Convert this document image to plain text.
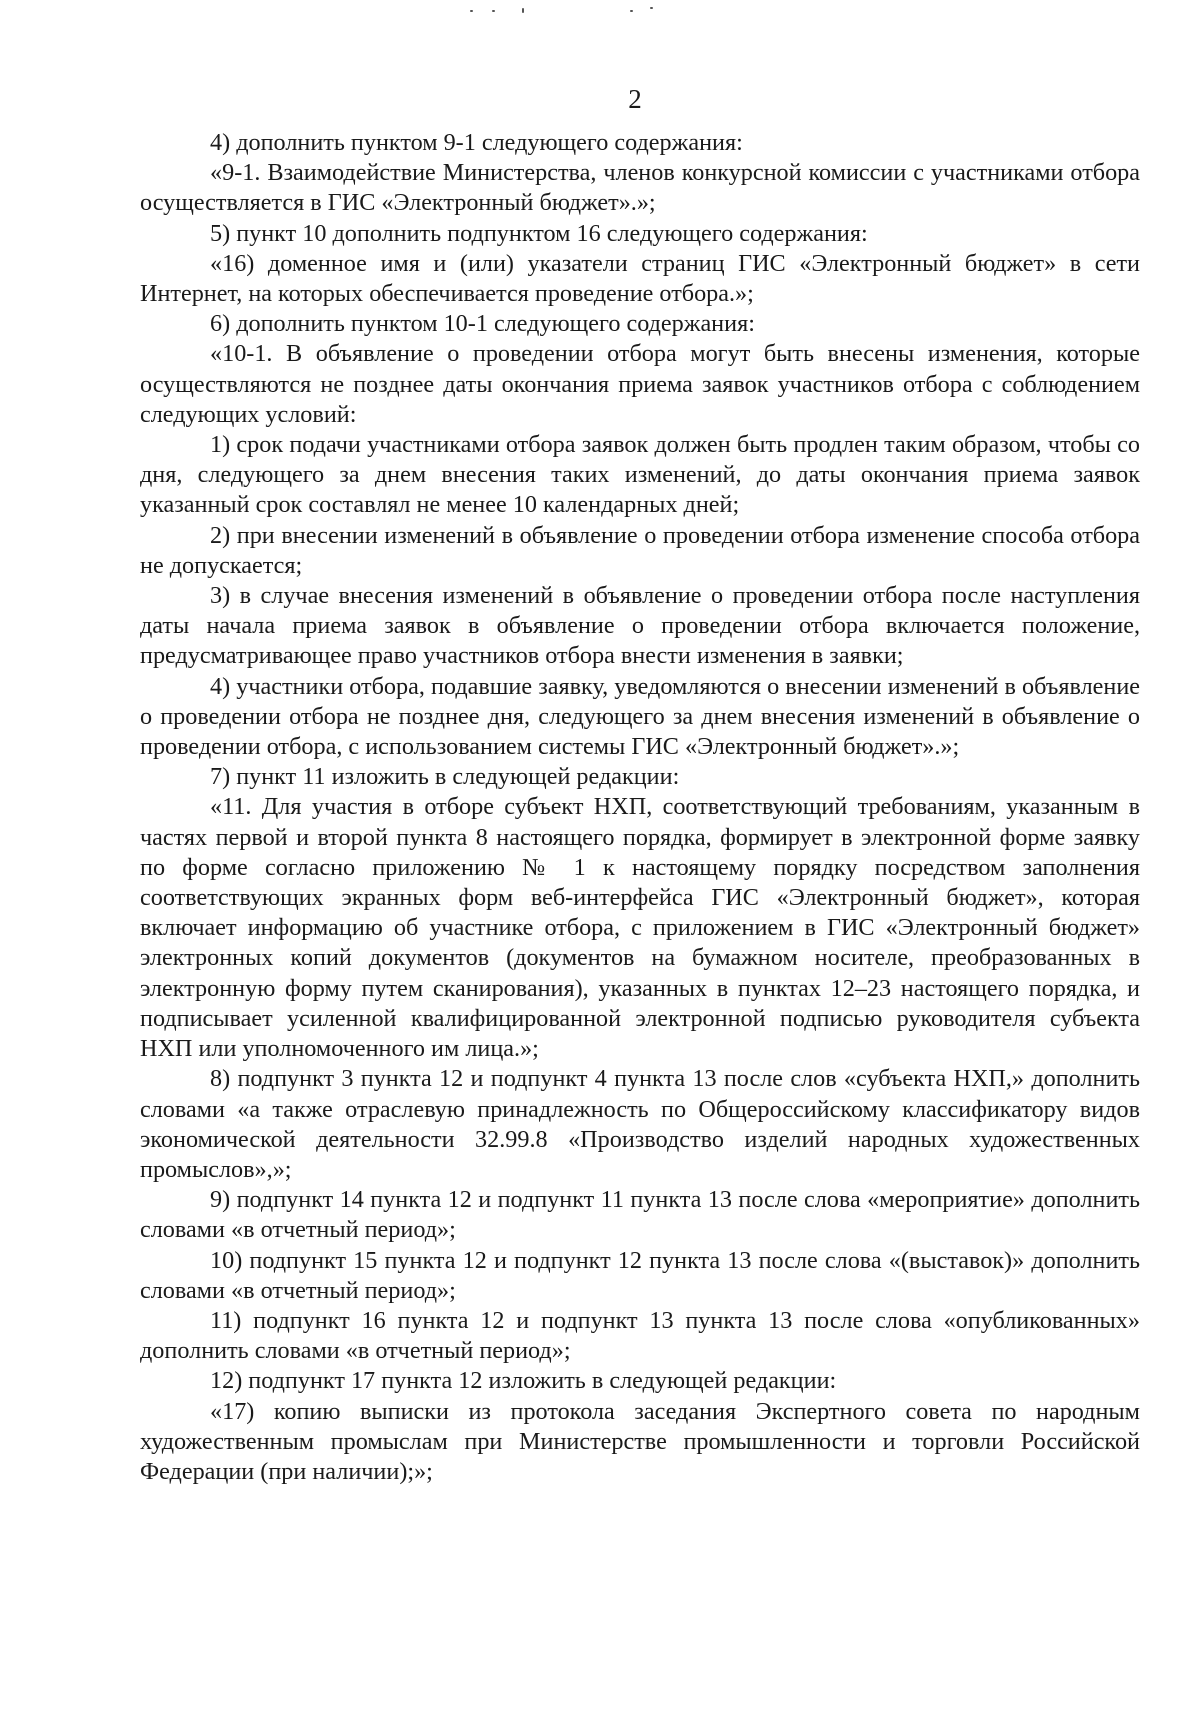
2

4) дополнить пунктом 9-1 следующего содержания:

«9-1. Взаимодействие Министерства, членов конкурсной комиссии с участниками отбора осуществляется в ГИС «Электронный бюджет».»;

5) пункт 10 дополнить подпунктом 16 следующего содержания:

«16) доменное имя и (или) указатели страниц ГИС «Электронный бюджет» в сети Интернет, на которых обеспечивается проведение отбора.»;

6) дополнить пунктом 10-1 следующего содержания:

«10-1. В объявление о проведении отбора могут быть внесены изменения, которые осуществляются не позднее даты окончания приема заявок участников отбора с соблюдением следующих условий:

1) срок подачи участниками отбора заявок должен быть продлен таким образом, чтобы со дня, следующего за днем внесения таких изменений, до даты окончания приема заявок указанный срок составлял не менее 10 календарных дней;

2) при внесении изменений в объявление о проведении отбора изменение способа отбора не допускается;

3) в случае внесения изменений в объявление о проведении отбора после наступления даты начала приема заявок в объявление о проведении отбора включается положение, предусматривающее право участников отбора внести изменения в заявки;

4) участники отбора, подавшие заявку, уведомляются о внесении изменений в объявление о проведении отбора не позднее дня, следующего за днем внесения изменений в объявление о проведении отбора, с использованием системы ГИС «Электронный бюджет».»;

7) пункт 11 изложить в следующей редакции:

«11. Для участия в отборе субъект НХП, соответствующий требованиям, указанным в частях первой и второй пункта 8 настоящего порядка, формирует в электронной форме заявку по форме согласно приложению № 1 к настоящему порядку посредством заполнения соответствующих экранных форм веб-интерфейса ГИС «Электронный бюджет», которая включает информацию об участнике отбора, с приложением в ГИС «Электронный бюджет» электронных копий документов (документов на бумажном носителе, преобразованных в электронную форму путем сканирования), указанных в пунктах 12–23 настоящего порядка, и подписывает усиленной квалифицированной электронной подписью руководителя субъекта НХП или уполномоченного им лица.»;

8) подпункт 3 пункта 12 и подпункт 4 пункта 13 после слов «субъекта НХП,» дополнить словами «а также отраслевую принадлежность по Общероссийскому классификатору видов экономической деятельности 32.99.8 «Производство изделий народных художественных промыслов»,»;

9) подпункт 14 пункта 12 и подпункт 11 пункта 13 после слова «мероприятие» дополнить словами «в отчетный период»;

10) подпункт 15 пункта 12 и подпункт 12 пункта 13 после слова «(выставок)» дополнить словами «в отчетный период»;

11) подпункт 16 пункта 12 и подпункт 13 пункта 13 после слова «опубликованных» дополнить словами «в отчетный период»;

12) подпункт 17 пункта 12 изложить в следующей редакции:

«17) копию выписки из протокола заседания Экспертного совета по народным художественным промыслам при Министерстве промышленности и торговли Российской Федерации (при наличии);»;
